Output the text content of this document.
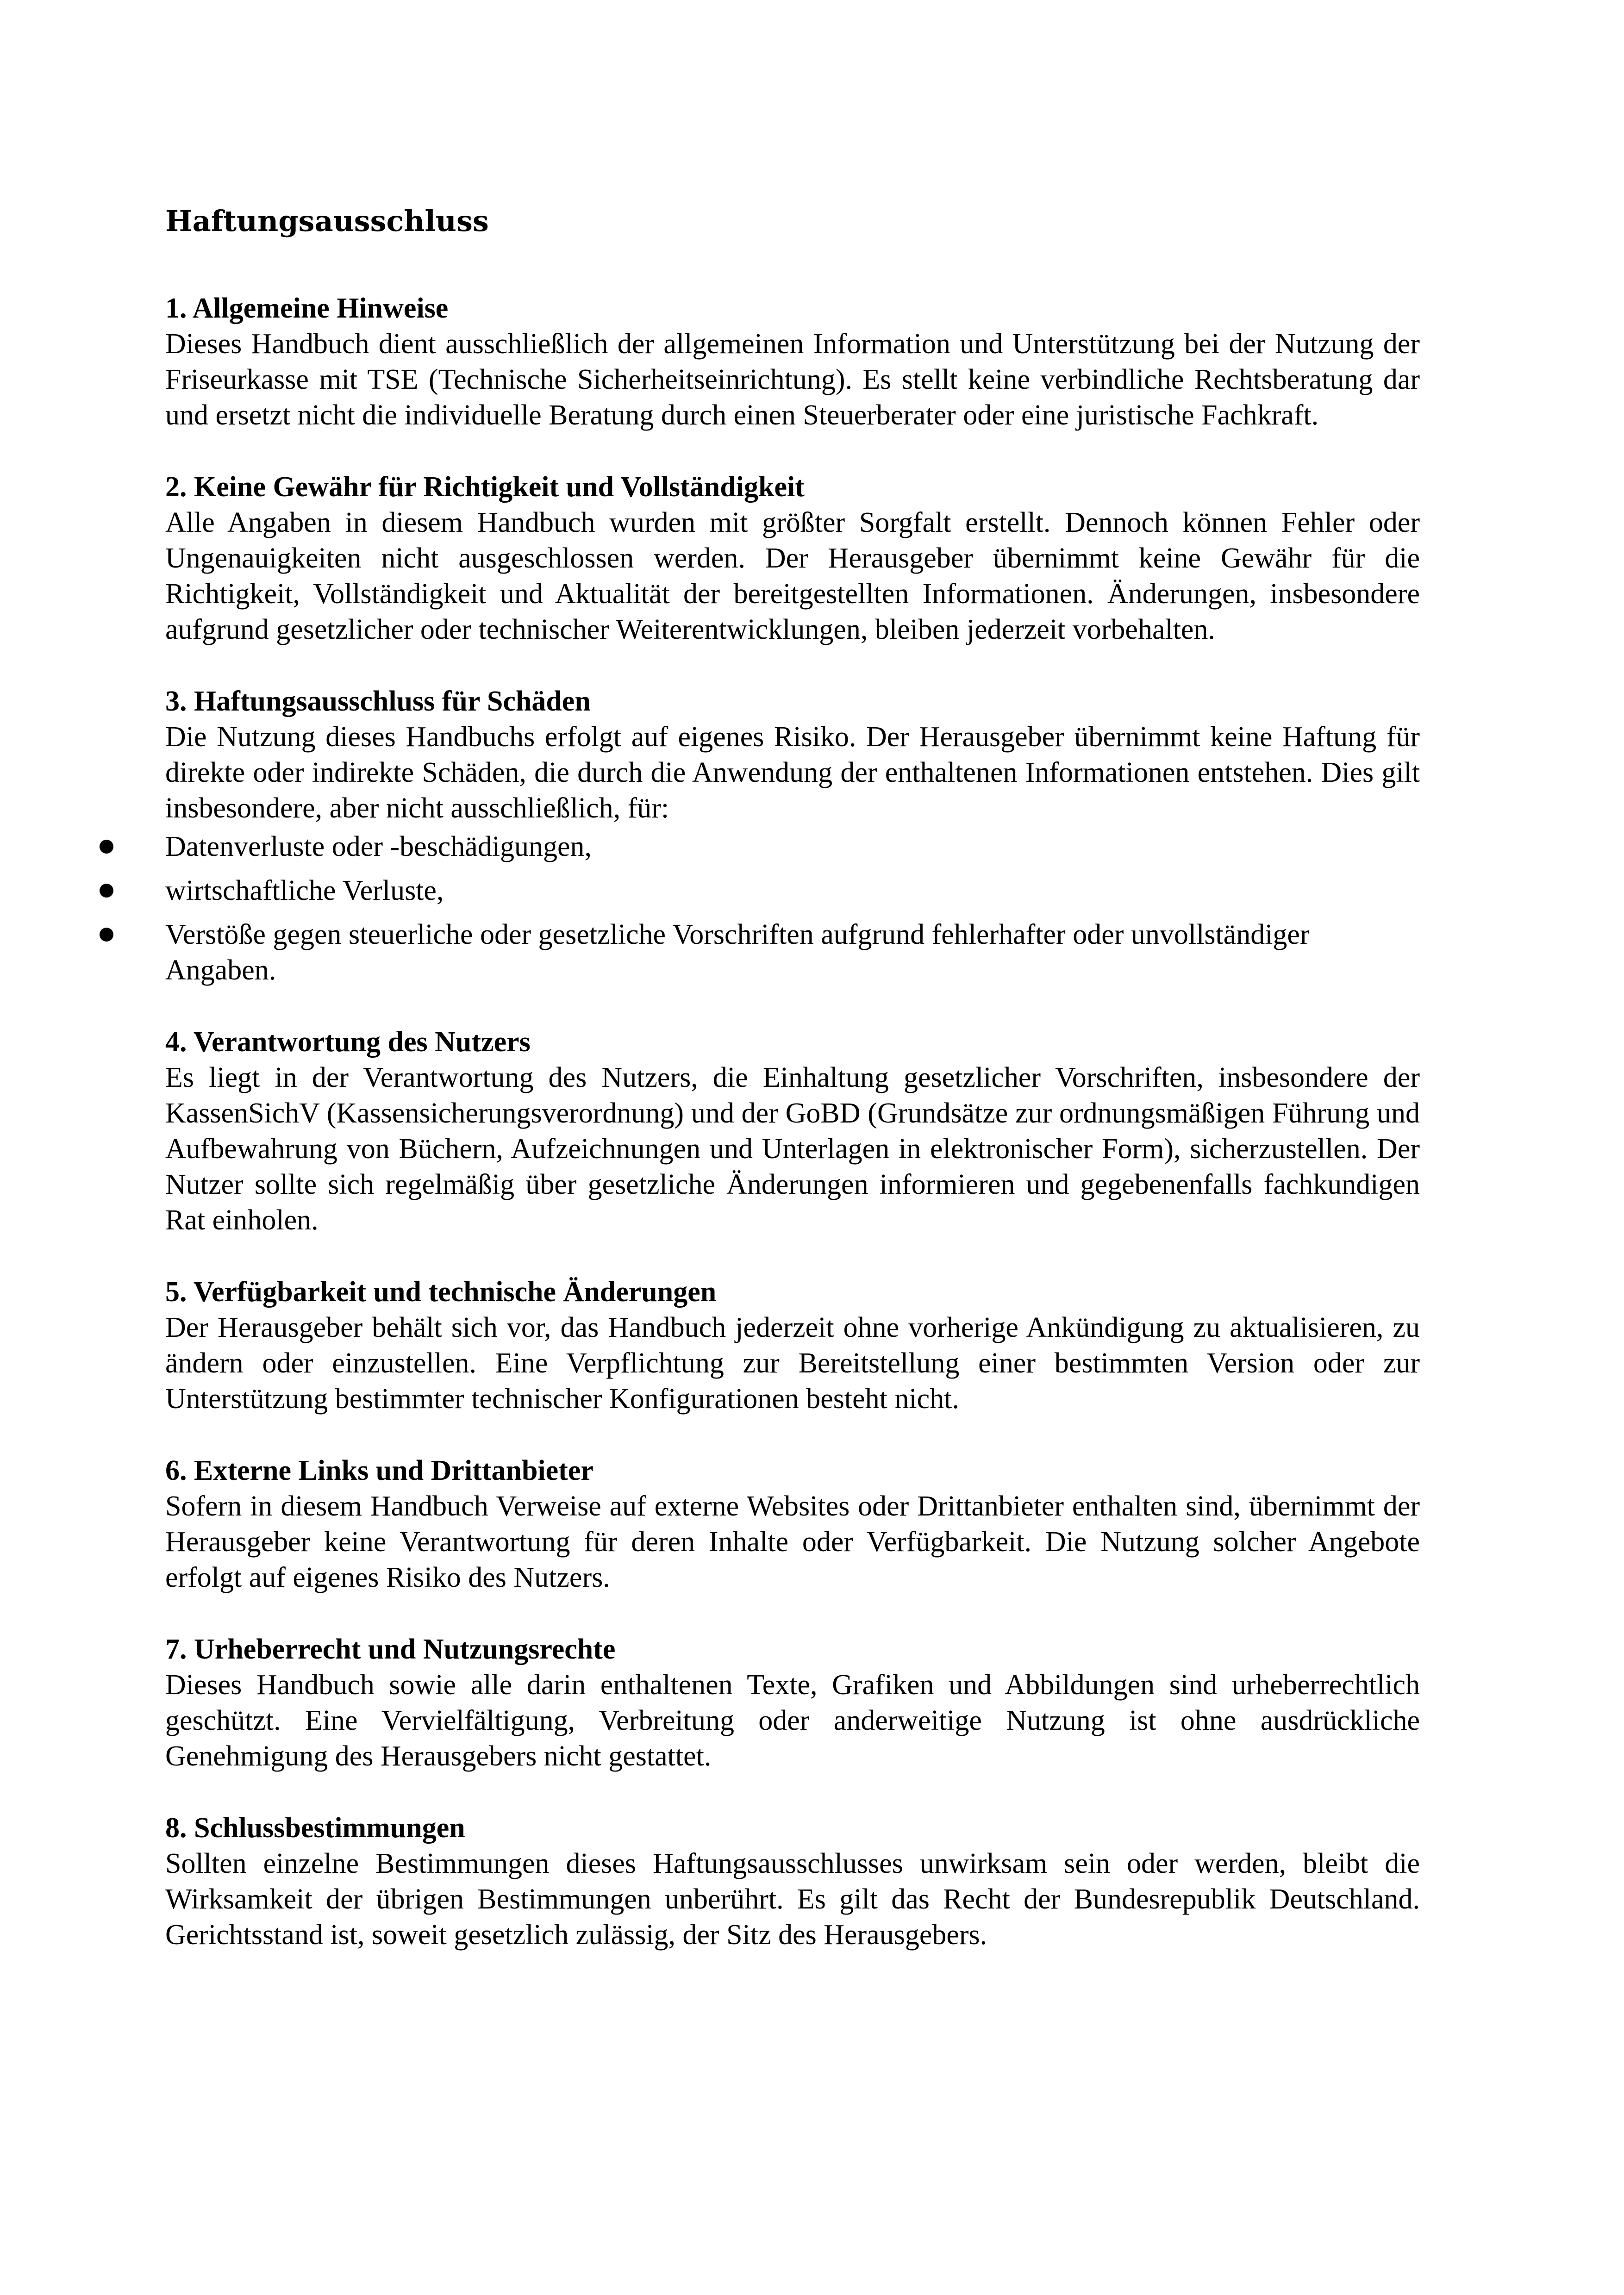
Haftungsausschluss
1. Allgemeine Hinweise

Dieses Handbuch dient ausschließlich der allgemeinen Information und Unterstützung bei der Nutzung der Friseurkasse mit TSE (Technische Sicherheitseinrichtung). Es stellt keine verbindliche Rechtsberatung dar und ersetzt nicht die individuelle Beratung durch einen Steuerberater oder eine juristische Fachkraft.

2. Keine Gewähr für Richtigkeit und Vollständigkeit

Alle Angaben in diesem Handbuch wurden mit größter Sorgfalt erstellt. Dennoch können Fehler oder Ungenauigkeiten nicht ausgeschlossen werden. Der Herausgeber übernimmt keine Gewähr für die Richtigkeit, Vollständigkeit und Aktualität der bereitgestellten Informationen. Änderungen, insbesondere aufgrund gesetzlicher oder technischer Weiterentwicklungen, bleiben jederzeit vorbehalten.

3. Haftungsausschluss für Schäden

Die Nutzung dieses Handbuchs erfolgt auf eigenes Risiko. Der Herausgeber übernimmt keine Haftung für direkte oder indirekte Schäden, die durch die Anwendung der enthaltenen Informationen entstehen. Dies gilt insbesondere, aber nicht ausschließlich, für:

Datenverluste oder -beschädigungen,
wirtschaftliche Verluste,
Verstöße gegen steuerliche oder gesetzliche Vorschriften aufgrund fehlerhafter oder unvollständiger Angaben.
4. Verantwortung des Nutzers

Es liegt in der Verantwortung des Nutzers, die Einhaltung gesetzlicher Vorschriften, insbesondere der KassenSichV (Kassensicherungsverordnung) und der GoBD (Grundsätze zur ordnungsmäßigen Führung und Aufbewahrung von Büchern, Aufzeichnungen und Unterlagen in elektronischer Form), sicherzustellen. Der Nutzer sollte sich regelmäßig über gesetzliche Änderungen informieren und gegebenenfalls fachkundigen Rat einholen.

5. Verfügbarkeit und technische Änderungen

Der Herausgeber behält sich vor, das Handbuch jederzeit ohne vorherige Ankündigung zu aktualisieren, zu ändern oder einzustellen. Eine Verpflichtung zur Bereitstellung einer bestimmten Version oder zur Unterstützung bestimmter technischer Konfigurationen besteht nicht.

6. Externe Links und Drittanbieter

Sofern in diesem Handbuch Verweise auf externe Websites oder Drittanbieter enthalten sind, übernimmt der Herausgeber keine Verantwortung für deren Inhalte oder Verfügbarkeit. Die Nutzung solcher Angebote erfolgt auf eigenes Risiko des Nutzers.

7. Urheberrecht und Nutzungsrechte

Dieses Handbuch sowie alle darin enthaltenen Texte, Grafiken und Abbildungen sind urheberrechtlich geschützt. Eine Vervielfältigung, Verbreitung oder anderweitige Nutzung ist ohne ausdrückliche Genehmigung des Herausgebers nicht gestattet.

8. Schlussbestimmungen

Sollten einzelne Bestimmungen dieses Haftungsausschlusses unwirksam sein oder werden, bleibt die Wirksamkeit der übrigen Bestimmungen unberührt. Es gilt das Recht der Bundesrepublik Deutschland. Gerichtsstand ist, soweit gesetzlich zulässig, der Sitz des Herausgebers.
